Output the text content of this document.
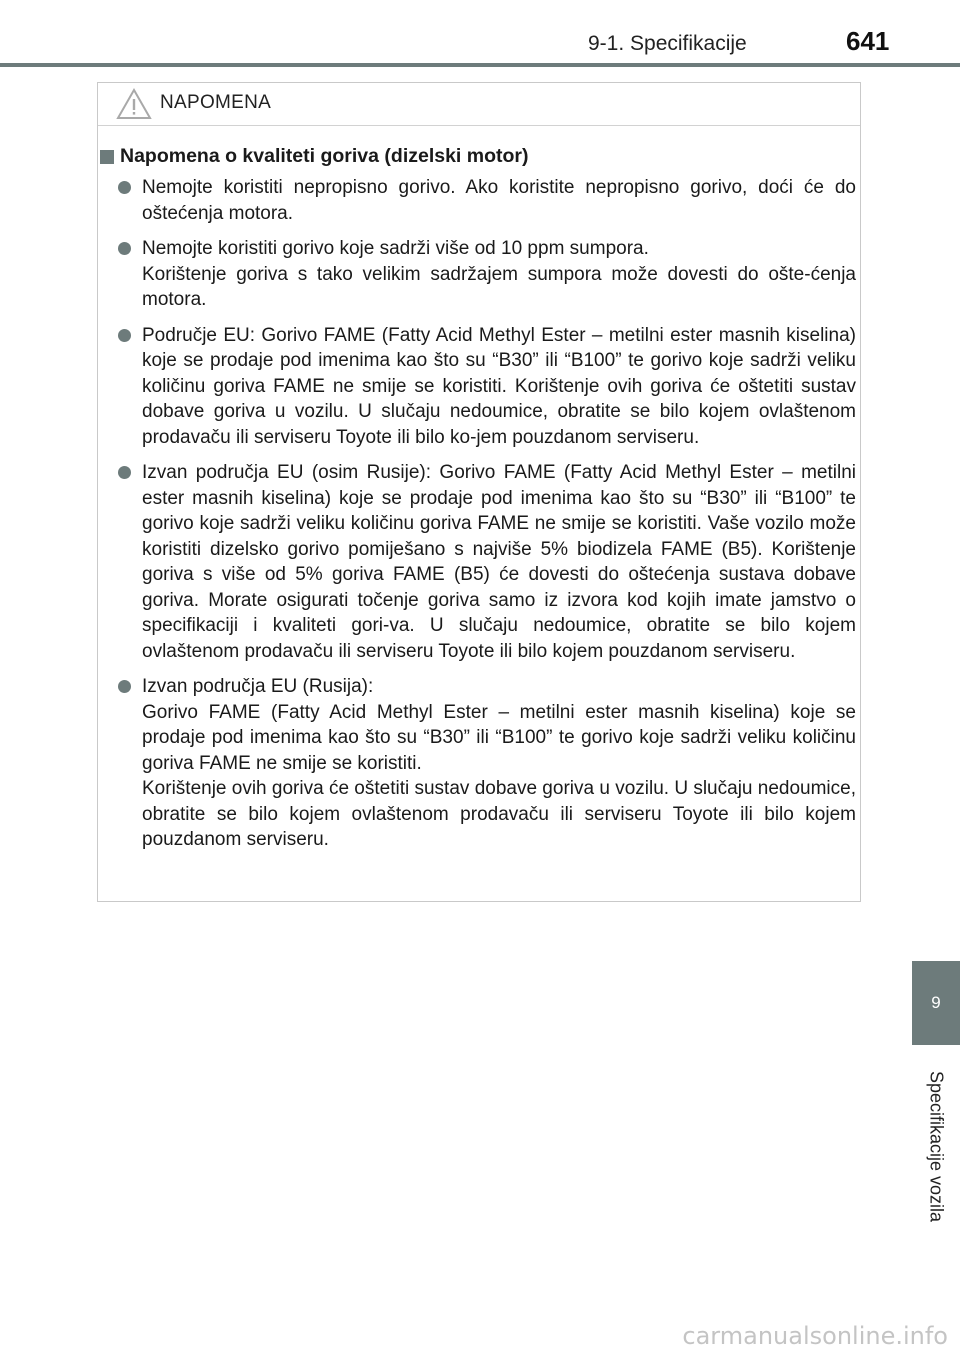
9-1. Specifikacije	641
NAPOMENA
Napomena o kvaliteti goriva (dizelski motor)

Nemojte koristiti nepropisno gorivo. Ako koristite nepropisno gorivo, doći će do oštećenja motora.

Nemojte koristiti gorivo koje sadrži više od 10 ppm sumpora.

Korištenje goriva s tako velikim sadržajem sumpora može dovesti do ošte-ćenja motora.

Područje EU: Gorivo FAME (Fatty Acid Methyl Ester – metilni ester masnih kiselina) koje se prodaje pod imenima kao što su “B30” ili “B100” te gorivo koje sadrži veliku količinu goriva FAME ne smije se koristiti. Korištenje ovih goriva će oštetiti sustav dobave goriva u vozilu. U slučaju nedoumice, obratite se bilo kojem ovlaštenom prodavaču ili serviseru Toyote ili bilo ko-jem pouzdanom serviseru.

Izvan područja EU (osim Rusije): Gorivo FAME (Fatty Acid Methyl Ester – metilni ester masnih kiselina) koje se prodaje pod imenima kao što su “B30” ili “B100” te gorivo koje sadrži veliku količinu goriva FAME ne smije se koristiti. Vaše vozilo može koristiti dizelsko gorivo pomiješano s najviše 5% biodizela FAME (B5). Korištenje goriva s više od 5% goriva FAME (B5) će dovesti do oštećenja sustava dobave goriva. Morate osigurati točenje goriva samo iz izvora kod kojih imate jamstvo o specifikaciji i kvaliteti gori-va. U slučaju nedoumice, obratite se bilo kojem ovlaštenom prodavaču ili serviseru Toyote ili bilo kojem pouzdanom serviseru.

Izvan područja EU (Rusija):

Gorivo FAME (Fatty Acid Methyl Ester – metilni ester masnih kiselina) koje se prodaje pod imenima kao što su “B30” ili “B100” te gorivo koje sadrži veliku količinu goriva FAME ne smije se koristiti.

Korištenje ovih goriva će oštetiti sustav dobave goriva u vozilu. U slučaju nedoumice, obratite se bilo kojem ovlaštenom prodavaču ili serviseru Toyote ili bilo kojem pouzdanom serviseru.

9
Specifikacije vozila
carmanualsonline.info
